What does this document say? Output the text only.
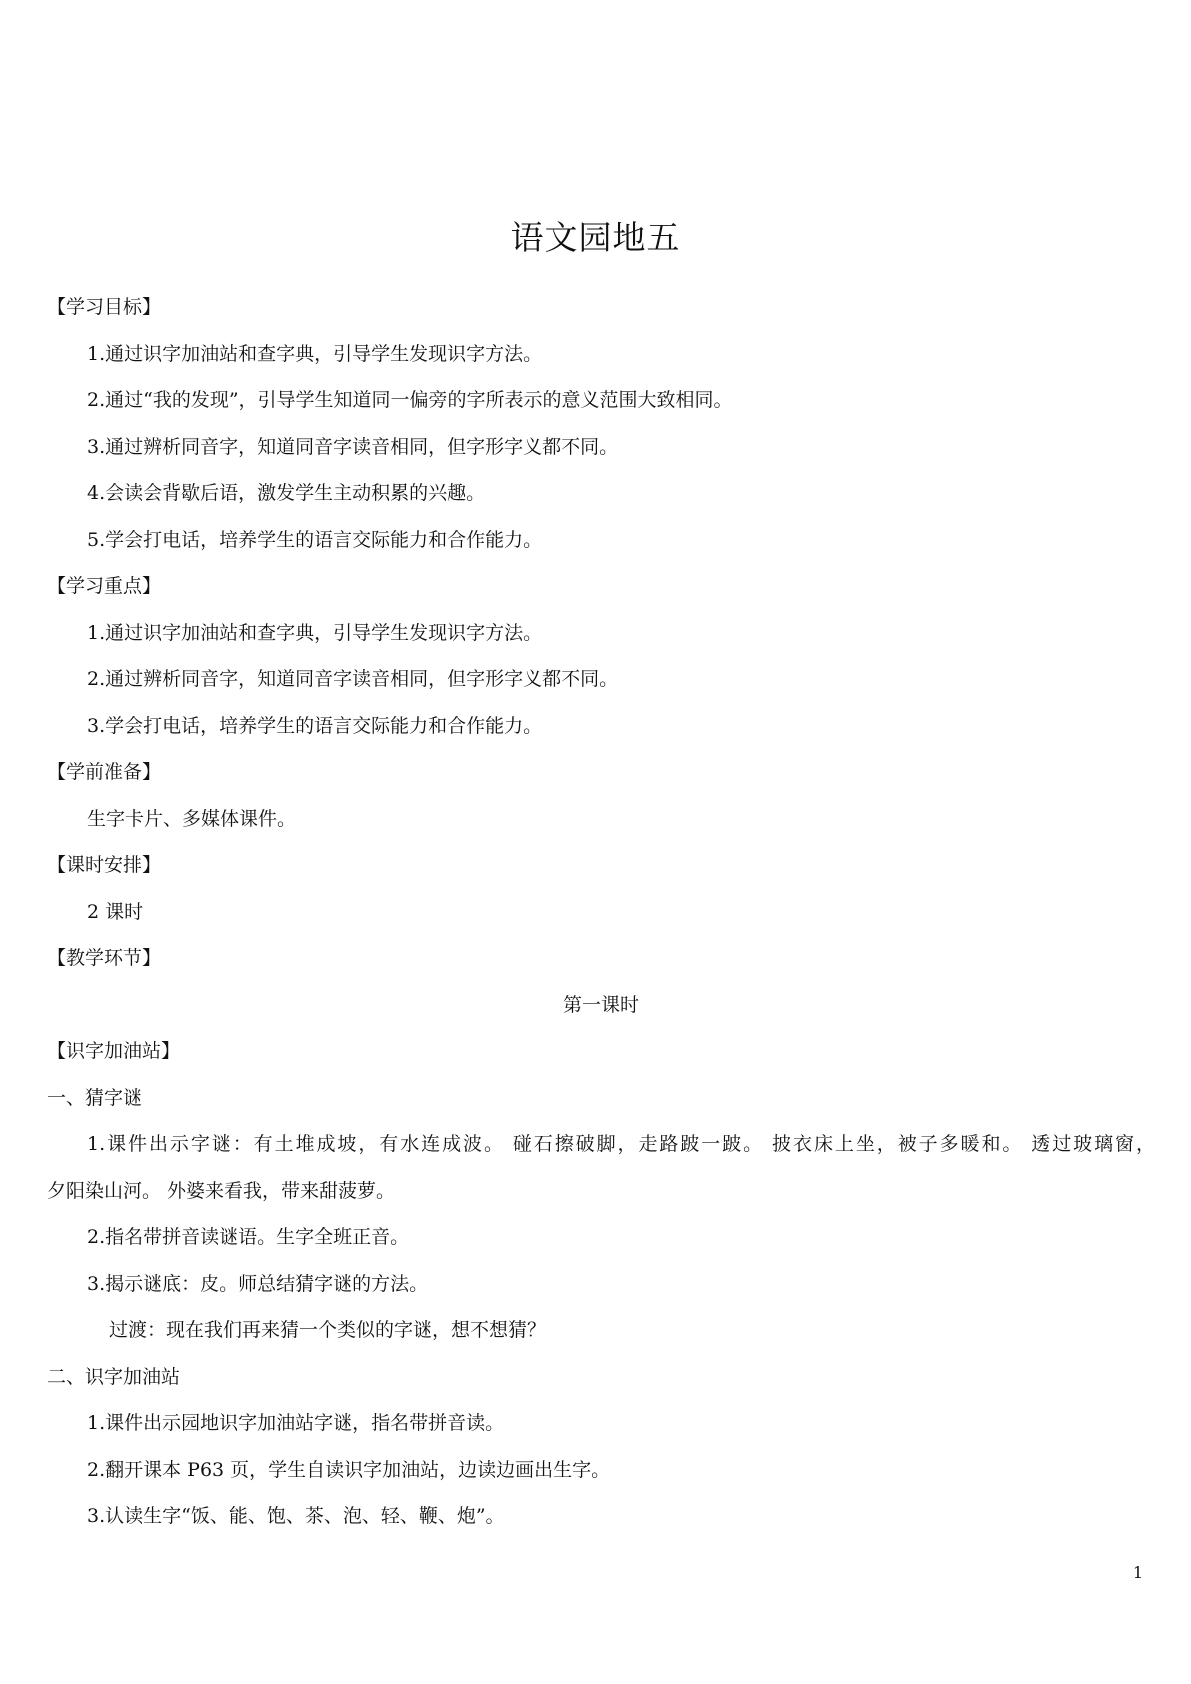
语文园地五
【学习目标】
1.通过识字加油站和查字典，引导学生发现识字方法。
2.通过“我的发现”，引导学生知道同一偏旁的字所表示的意义范围大致相同。
3.通过辨析同音字，知道同音字读音相同，但字形字义都不同。
4.会读会背歇后语，激发学生主动积累的兴趣。
5.学会打电话，培养学生的语言交际能力和合作能力。
【学习重点】
1.通过识字加油站和查字典，引导学生发现识字方法。
2.通过辨析同音字，知道同音字读音相同，但字形字义都不同。
3.学会打电话，培养学生的语言交际能力和合作能力。
【学前准备】
生字卡片、多媒体课件。
【课时安排】
2 课时
【教学环节】
第一课时
【识字加油站】
一、猜字谜
1.课件出示字谜：有土堆成坡，有水连成波。 碰石擦破脚，走路跛一跛。 披衣床上坐，被子多暖和。 透过玻璃窗，
夕阳染山河。 外婆来看我，带来甜菠萝。
2.指名带拼音读谜语。生字全班正音。
3.揭示谜底：皮。师总结猜字谜的方法。
过渡：现在我们再来猜一个类似的字谜，想不想猜？
二、识字加油站
1.课件出示园地识字加油站字谜，指名带拼音读。
2.翻开课本 P63 页，学生自读识字加油站，边读边画出生字。
3.认读生字“饭、能、饱、茶、泡、轻、鞭、炮”。
1
